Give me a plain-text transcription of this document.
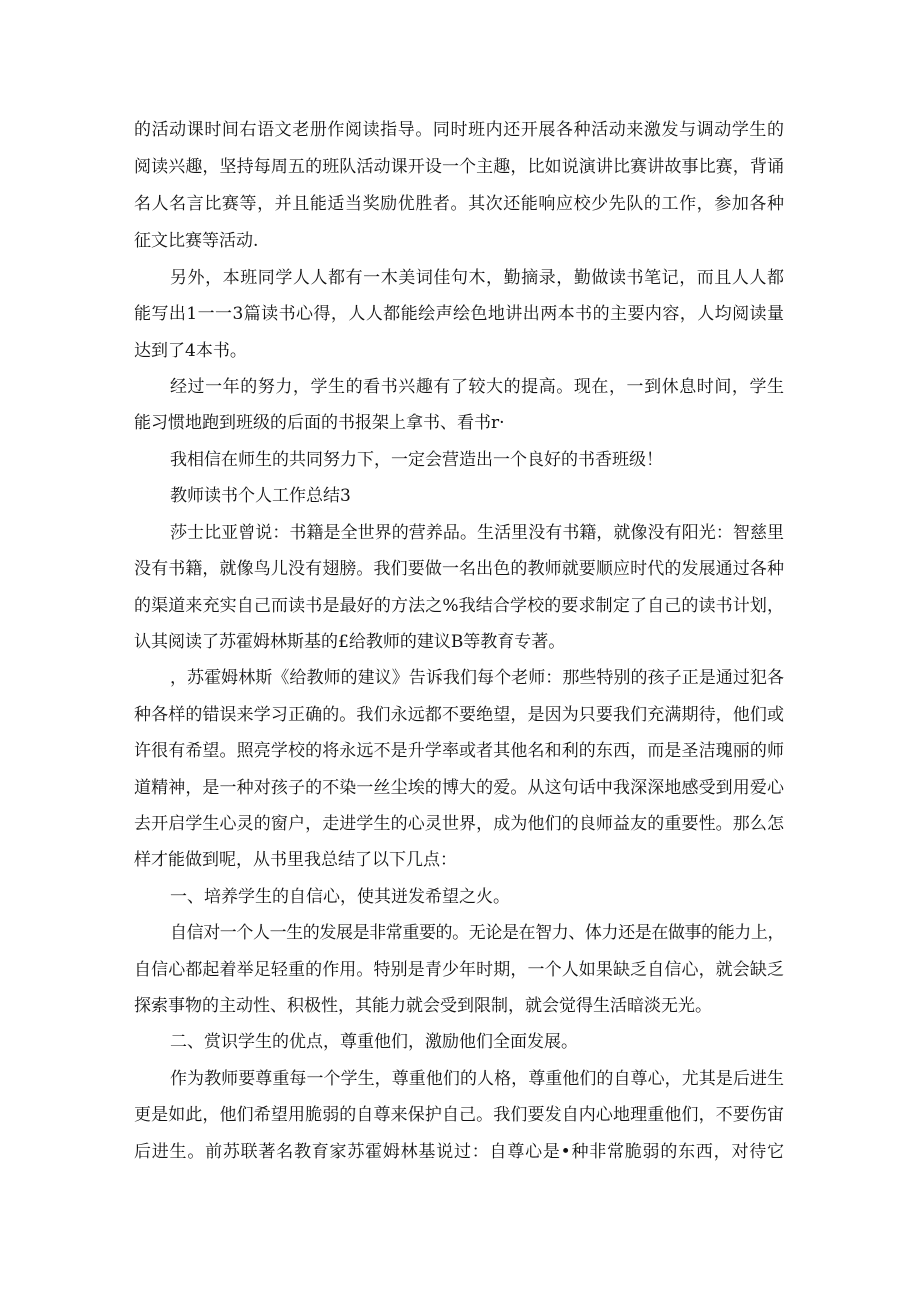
的活动课时间右语文老册作阅读指导。同时班内还开展各种活动来激发与调动学生的

阅读兴趣，坚持每周五的班队活动课开设一个主趣，比如说演讲比赛讲故事比赛，背诵

名人名言比赛等，并且能适当奖励优胜者。其次还能响应校少先队的工作，参加各种

征文比赛等活动.

另外，本班同学人人都有一木美词佳句木，勤摘录，勤做读书笔记，而且人人都

能写出1一一3篇读书心得，人人都能绘声绘色地讲出两本书的主要内容，人均阅读量

达到了4本书。

经过一年的努力，学生的看书兴趣有了较大的提高。现在，一到休息时间，学生

能习惯地跑到班级的后面的书报架上拿书、看书r·

我相信在师生的共同努力下，一定会营造出一个良好的书香班级！

教师读书个人工作总结3

莎士比亚曾说：书籍是全世界的营养品。生活里没有书籍，就像没有阳光：智慈里

没有书籍，就像鸟儿没有翅膀。我们要做一名出色的教师就要顺应时代的发展通过各种

的渠道来充实自己而读书是最好的方法之%我结合学校的要求制定了自己的读书计划，

认其阅读了苏霍姆林斯基的£给教师的建议B等教育专著。

，苏霍姆林斯《给教师的建议》告诉我们每个老师：那些特别的孩子正是通过犯各

种各样的错误来学习正确的。我们永远都不要绝望，是因为只要我们充满期待，他们或

许很有希望。照亮学校的将永远不是升学率或者其他名和利的东西，而是圣洁瑰丽的师

道精神，是一种对孩子的不染一丝尘埃的博大的爱。从这句话中我深深地感受到用爱心

去开启学生心灵的窗户，走进学生的心灵世界，成为他们的良师益友的重要性。那么怎

样才能做到呢，从书里我总结了以下几点：

一、培养学生的自信心，使其迸发希望之火。

自信对一个人一生的发展是非常重要的。无论是在智力、体力还是在做事的能力上，

自信心都起着举足轻重的作用。特别是青少年时期，一个人如果缺乏自信心，就会缺乏

探索事物的主动性、积极性，其能力就会受到限制，就会觉得生活暗淡无光。

二、赏识学生的优点，尊重他们，激励他们全面发展。

作为教师要尊重每一个学生，尊重他们的人格，尊重他们的自尊心，尤其是后进生

更是如此，他们希望用脆弱的自尊来保护自己。我们要发自内心地理重他们，不要伤宙

后进生。前苏联著名教育家苏霍姆林基说过：自尊心是•种非常脆弱的东西，对待它
